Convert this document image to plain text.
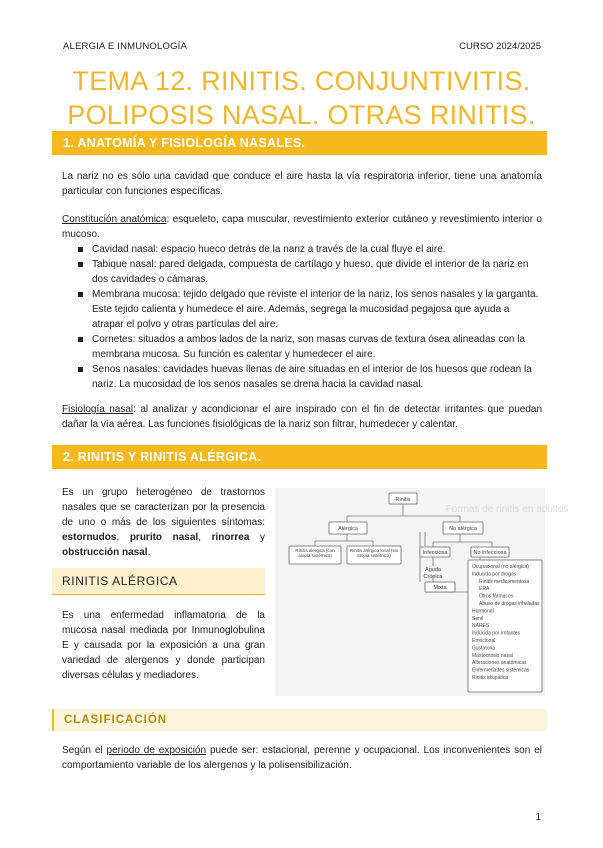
ALERGIA E INMUNOLOGÍA	CURSO 2024/2025
TEMA 12. RINITIS. CONJUNTIVITIS.
POLIPOSIS NASAL. OTRAS RINITIS.
1. ANATOMÍA Y FISIOLOGÍA NASALES.
La nariz no es sólo una cavidad que conduce el aire hasta la vía respiratoria inferior, tiene una anatomía particular con funciones específicas.
Constitución anatómica: esqueleto, capa muscular, revestimiento exterior cutáneo y revestimiento interior o mucoso.
Cavidad nasal: espacio hueco detrás de la nariz a través de la cual fluye el aire.
Tabique nasal: pared delgada, compuesta de cartílago y hueso, que divide el interior de la nariz en dos cavidades o cámaras.
Membrana mucosa: tejido delgado que reviste el interior de la nariz, los senos nasales y la garganta. Este tejido calienta y humedece el aire. Además, segrega la mucosidad pegajosa que ayuda a atrapar el polvo y otras partículas del aire.
Cornetes: situados a ambos lados de la nariz, son masas curvas de textura ósea alineadas con la membrana mucosa. Su función es calentar y humedecer el aire.
Senos nasales: cavidades huevas llenas de aire situadas en el interior de los huesos que rodean la nariz. La mucosidad de los senos nasales se drena hacia la cavidad nasal.
Fisiología nasal: al analizar y acondicionar el aire inspirado con el fin de detectar irritantes que puedan dañar la vía aérea. Las funciones fisiológicas de la nariz son filtrar, humedecer y calentar.
2. RINITIS Y RINITIS ALÉRGICA.
Es un grupo heterogéneo de trastornos nasales que se caracterizan por la presencia de uno o más de los siguientes síntomas: estornudos, prurito nasal, rinorrea y obstrucción nasal.
RINITIS ALÉRGICA
Es una enfermedad inflamatoria de la mucosa nasal mediada por Inmunoglobulina E y causada por la exposición a una gran variedad de alergenos y donde participan diversas células y mediadores.
Formas de rinitis en adultos
Rinitis
Alérgica	No alérgica
Infecciosa	No infecciosa
Aguda
Crónica
Mixta
Rinitis alérgica (con atopia sistémica)
Rinitis alérgica local (sin atopia sistémica)
Ocupacional (no alérgica)
Inducida por drogas
Rinitis medicamentosa
ERA
Otros fármacos
Abuso de drogas inhaladas
Hormonal
Senil
NARES
Inducida por irritantes
Emocional
Gustatoria
Mastocitosis nasal
Alteraciones anatómicas
Enfermedades sistémicas
Rinitis idiopática
CLASIFICACIÓN
Según el periodo de exposición puede ser: estacional, perenne y ocupacional. Los inconvenientes son el comportamiento variable de los alergenos y la polisensibilización.
1
